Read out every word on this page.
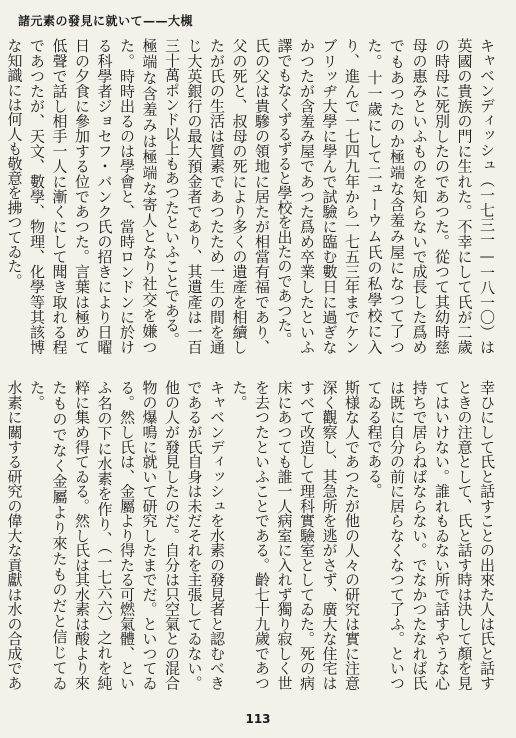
諸元素の發見に就いて——大槻
キャベンディッシュ（一七三一—一八一〇）は英國の貴族の門に生れた。不幸にして氏が二歲の時母に死別したのであつた。從つて其幼時慈母の惠みといふものを知らないで成長した爲めでもあつたのか極端な含羞み屋になつて了つた。十一歲にして二ューウム氏の私學校に入り、進んで一七四九年から一七五三年までケンブリッヂ大學に學んで試驗に臨む數日に過ぎなかつたが含羞み屋であつた爲め卒業したといふ譯でもなくずるずると學校を出たのであつた。
氏の父は貴驂の領地に居たが相當有福であり、父の死と、叔母の死により多くの遺產を相續したが氏の生活は質素であつたため一生の間を通じ大英銀行の最大預金者であり、其遺產は一百三十萬ポンド以上もあつたといふことである。
極端な含羞みは極端な寄人となり社交を嫌つた。時時出るのは學會と、當時ロンドンに於ける科學者ジョセフ・バンク氏の招きにより日曜日の夕食に參加する位であつた。言葉は極めて低聲で話し相手一人に漸くにして聞き取れる程であつたが、天文、數學、物理、化學等其該博な知識には何人も敬意を拂つてゐた。
幸ひにして氏と話すことの出來た人は氏と話すときの注意として、氏と話す時は決して顏を見てはいけない。誰れもゐない所で話すやうな心持ちで居らねばならない。でなかつたなれば氏は既に自分の前に居らなくなつて了ふ。といつてゐる程である。
斯様な人であつたが他の人々の研究は實に注意深く觀察し、其急所を逃がさず、廣大な住宅はすべて改造して理科實驗室としてゐた。死の病床にあつても誰一人病室に入れず獨り寂しく世を去つたといふことである。齡七十九歲であつた。
キャベンディッシュを水素の發見者と認むべきであるが氏自身は未だそれを主張してゐない。他の人が發見したのだ。自分は只空氣との混合物の爆鳴に就いて研究したまでだ。といつてゐる。然し氏は、金屬より得たる可燃氣體、といふ名の下に水素を作り、（一七六六）之れを純粹に集め得てゐる。然し氏は其水素は酸より來たものでなく金屬より來たものだと信じてゐた。
水素に關する研究の偉大な貢獻は水の合成であ
113
